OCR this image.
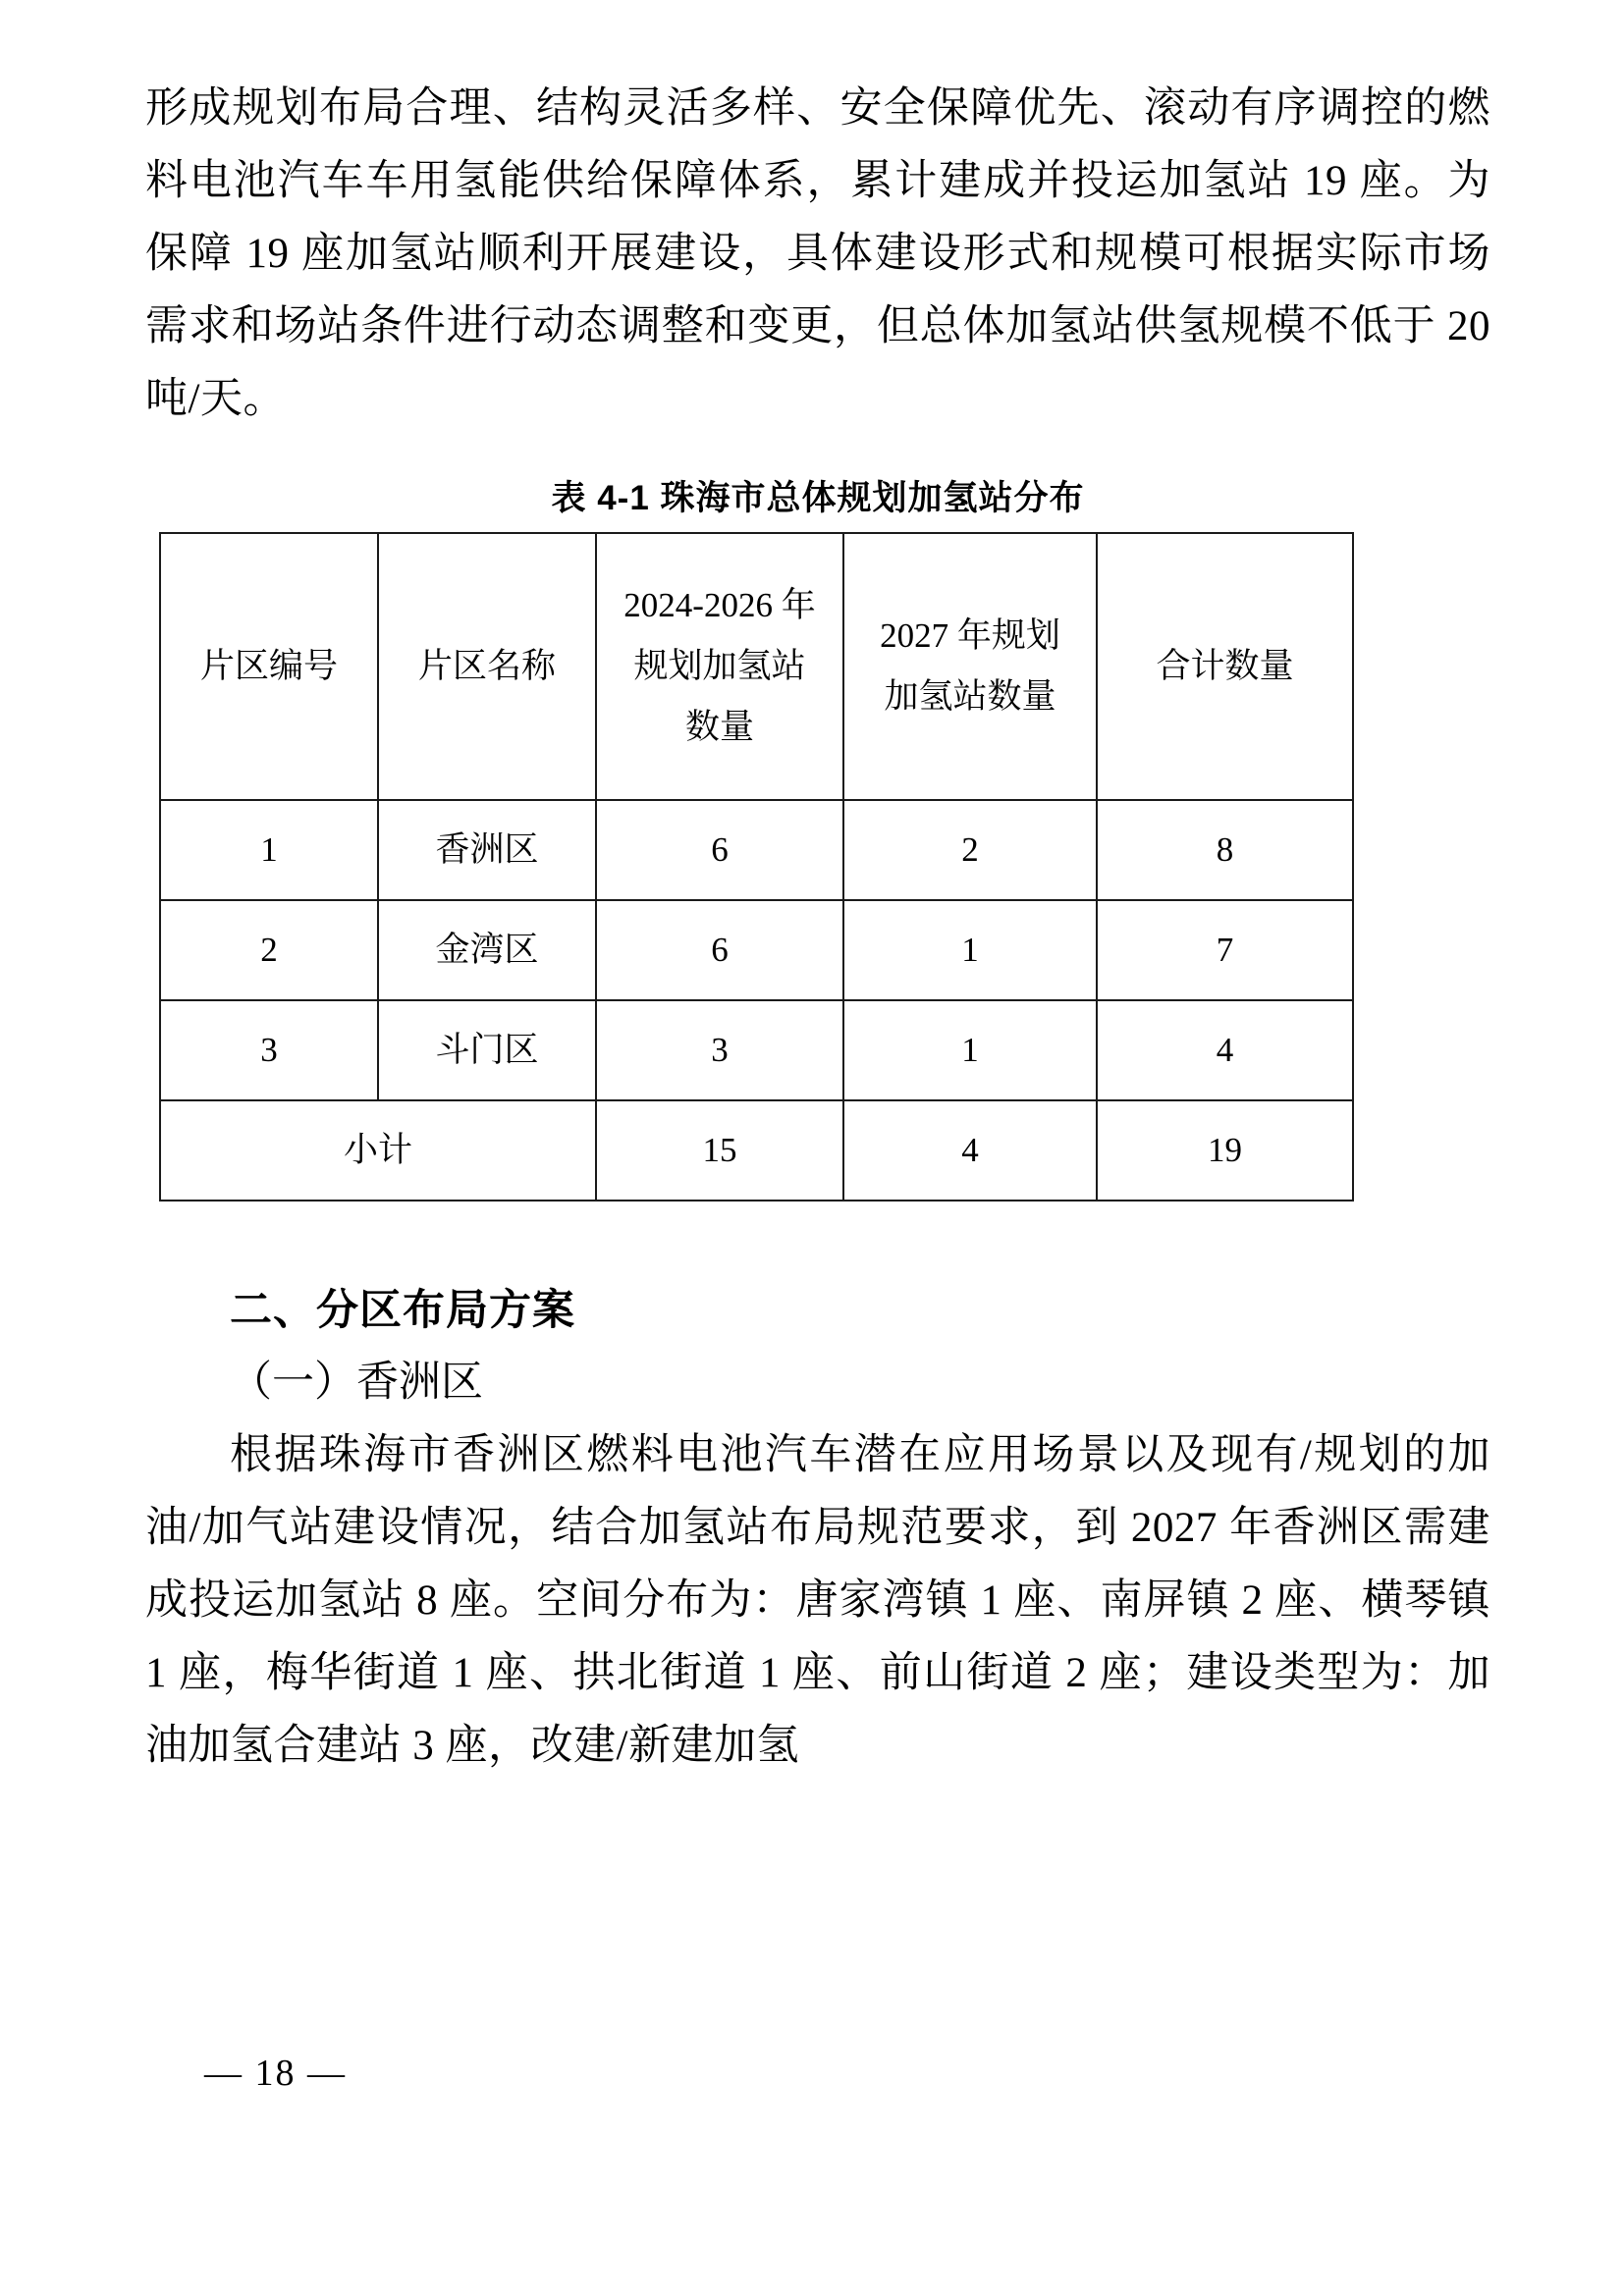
形成规划布局合理、结构灵活多样、安全保障优先、滚动有序调控的燃料电池汽车车用氢能供给保障体系，累计建成并投运加氢站 19 座。为保障 19 座加氢站顺利开展建设，具体建设形式和规模可根据实际市场需求和场站条件进行动态调整和变更，但总体加氢站供氢规模不低于 20 吨/天。

表 4-1 珠海市总体规划加氢站分布
片区编号	片区名称	2024-2026 年规划加氢站数量	2027 年规划加氢站数量	合计数量

1	香洲区	6	2	8
2	金湾区	6	1	7
3	斗门区	3	1	4
小计		15	4	19

二、分区布局方案

（一）香洲区

根据珠海市香洲区燃料电池汽车潜在应用场景以及现有/规划的加油/加气站建设情况，结合加氢站布局规范要求，到 2027 年香洲区需建成投运加氢站 8 座。空间分布为：唐家湾镇 1 座、南屏镇 2 座、横琴镇 1 座，梅华街道 1 座、拱北街道 1 座、前山街道 2 座；建设类型为：加油加氢合建站 3 座，改建/新建加氢

— 18 —
